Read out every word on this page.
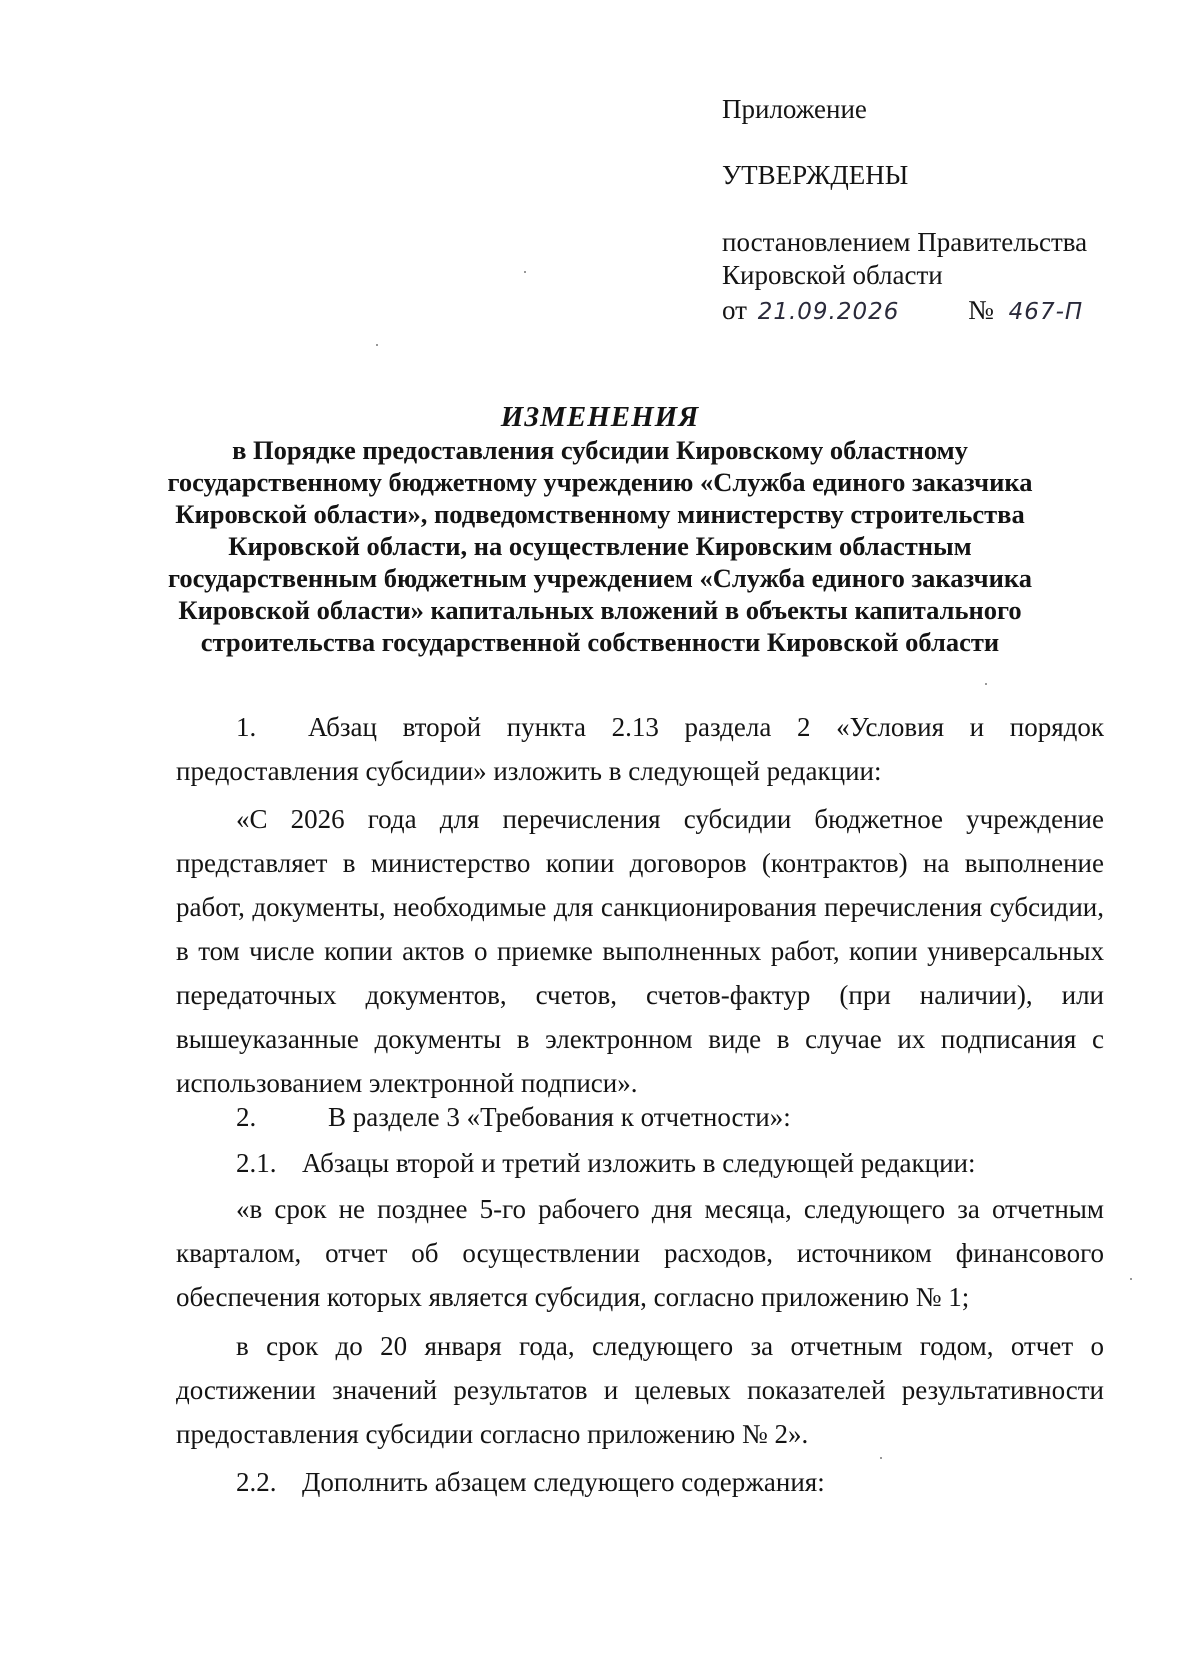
Приложение
УТВЕРЖДЕНЫ
постановлением Правительства
Кировской области
от 21.09.2026	№ 467-П
ИЗМЕНЕНИЯ
в Порядке предоставления субсидии Кировскому областному
государственному бюджетному учреждению «Служба единого заказчика
Кировской области», подведомственному министерству строительства
Кировской области, на осуществление Кировским областным
государственным бюджетным учреждением «Служба единого заказчика
Кировской области» капитальных вложений в объекты капитального
строительства государственной собственности Кировской области

1. Абзац второй пункта 2.13 раздела 2 «Условия и порядок предоставления субсидии» изложить в следующей редакции:

«С 2026 года для перечисления субсидии бюджетное учреждение представляет в министерство копии договоров (контрактов) на выполнение работ, документы, необходимые для санкционирования перечисления субсидии, в том числе копии актов о приемке выполненных работ, копии универсальных передаточных документов, счетов, счетов-фактур (при наличии), или вышеуказанные документы в электронном виде в случае их подписания с использованием электронной подписи».

2.	В разделе 3 «Требования к отчетности»:
2.1. Абзацы второй и третий изложить в следующей редакции:

«в срок не позднее 5-го рабочего дня месяца, следующего за отчетным кварталом, отчет об осуществлении расходов, источником финансового обеспечения которых является субсидия, согласно приложению № 1;

в срок до 20 января года, следующего за отчетным годом, отчет о достижении значений результатов и целевых показателей результативности предоставления субсидии согласно приложению № 2».

2.2. Дополнить абзацем следующего содержания:
